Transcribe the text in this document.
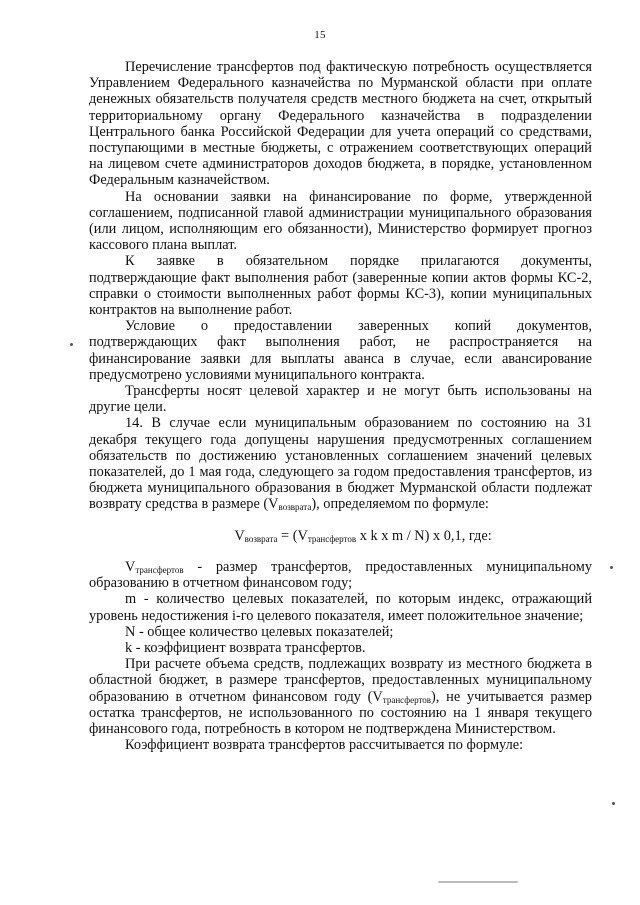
15

Перечисление трансфертов под фактическую потребность осуществляется Управлением Федерального казначейства по Мурманской области при оплате денежных обязательств получателя средств местного бюджета на счет, открытый территориальному органу Федерального казначейства в подразделении Центрального банка Российской Федерации для учета операций со средствами, поступающими в местные бюджеты, с отражением соответствующих операций на лицевом счете администраторов доходов бюджета, в порядке, установленном Федеральным казначейством.

На основании заявки на финансирование по форме, утвержденной соглашением, подписанной главой администрации муниципального образования (или лицом, исполняющим его обязанности), Министерство формирует прогноз кассового плана выплат.

К заявке в обязательном порядке прилагаются документы, подтверждающие факт выполнения работ (заверенные копии актов формы КС-2, справки о стоимости выполненных работ формы КС-3), копии муниципальных контрактов на выполнение работ.

Условие о предоставлении заверенных копий документов, подтверждающих факт выполнения работ, не распространяется на финансирование заявки для выплаты аванса в случае, если авансирование предусмотрено условиями муниципального контракта.

Трансферты носят целевой характер и не могут быть использованы на другие цели.

14. В случае если муниципальным образованием по состоянию на 31 декабря текущего года допущены нарушения предусмотренных соглашением обязательств по достижению установленных соглашением значений целевых показателей, до 1 мая года, следующего за годом предоставления трансфертов, из бюджета муниципального образования в бюджет Мурманской области подлежат возврату средства в размере $(V_{возврата})$, определяемом по формуле:

$V_{возврата} = (V_{трансфертов}$ x k x m / N) x 0,1, где:

$V_{трансфертов}$ - размер трансфертов, предоставленных муниципальному образованию в отчетном финансовом году;

m - количество целевых показателей, по которым индекс, отражающий уровень недостижения i-го целевого показателя, имеет положительное значение;

N - общее количество целевых показателей;

k - коэффициент возврата трансфертов.

При расчете объема средств, подлежащих возврату из местного бюджета в областной бюджет, в размере трансфертов, предоставленных муниципальному образованию в отчетном финансовом году $(V_{трансфертов})$, не учитывается размер остатка трансфертов, не использованного по состоянию на 1 января текущего финансового года, потребность в котором не подтверждена Министерством.

Коэффициент возврата трансфертов рассчитывается по формуле:
